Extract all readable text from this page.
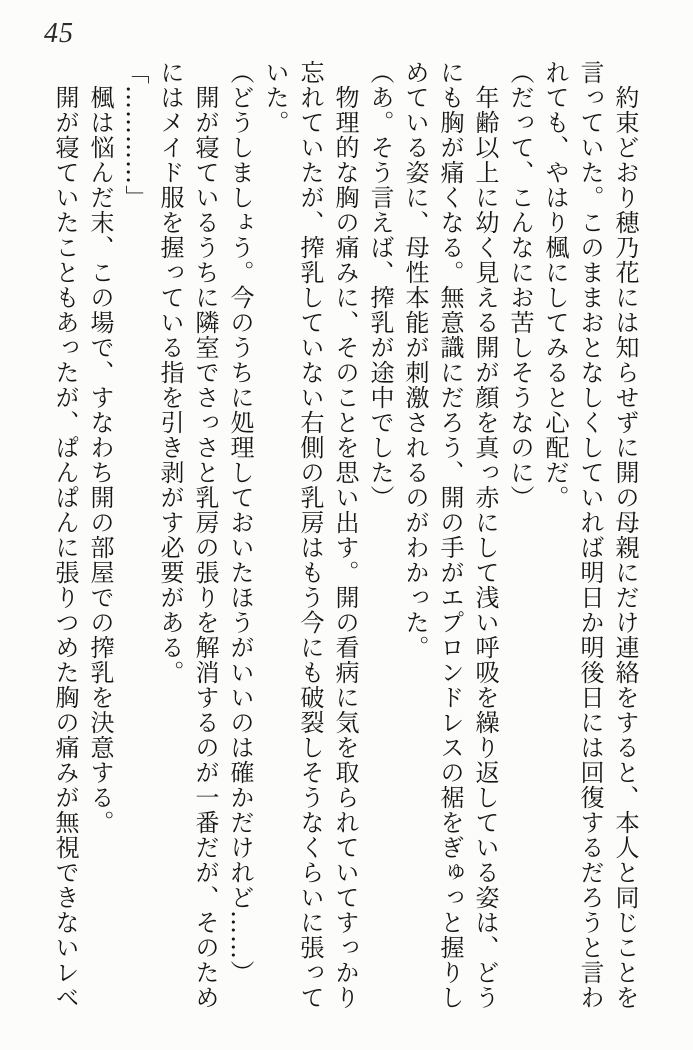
45
約束どおり穂乃花には知らせずに開の母親にだけ連絡をすると、本人と同じことを
言っていた。このままおとなしくしていれば明日か明後日には回復するだろうと言わ
れても、やはり楓にしてみると心配だ。
（だって、こんなにお苦しそうなのに）
年齢以上に幼く見える開が顔を真っ赤にして浅い呼吸を繰り返している姿は、どう
にも胸が痛くなる。無意識にだろう、開の手がエプロンドレスの裾をぎゅっと握りし
めている姿に、母性本能が刺激されるのがわかった。
（あ。そう言えば、搾乳が途中でした）
物理的な胸の痛みに、そのことを思い出す。開の看病に気を取られていてすっかり
忘れていたが、搾乳していない右側の乳房はもう今にも破裂しそうなくらいに張って
いた。
（どうしましょう。今のうちに処理しておいたほうがいいのは確かだけれど……）
開が寝ているうちに隣室でさっさと乳房の張りを解消するのが一番だが、そのため
にはメイド服を握っている指を引き剥がす必要がある。
「…………」
楓は悩んだ末、この場で、すなわち開の部屋での搾乳を決意する。
開が寝ていたこともあったが、ぱんぱんに張りつめた胸の痛みが無視できないレベ
